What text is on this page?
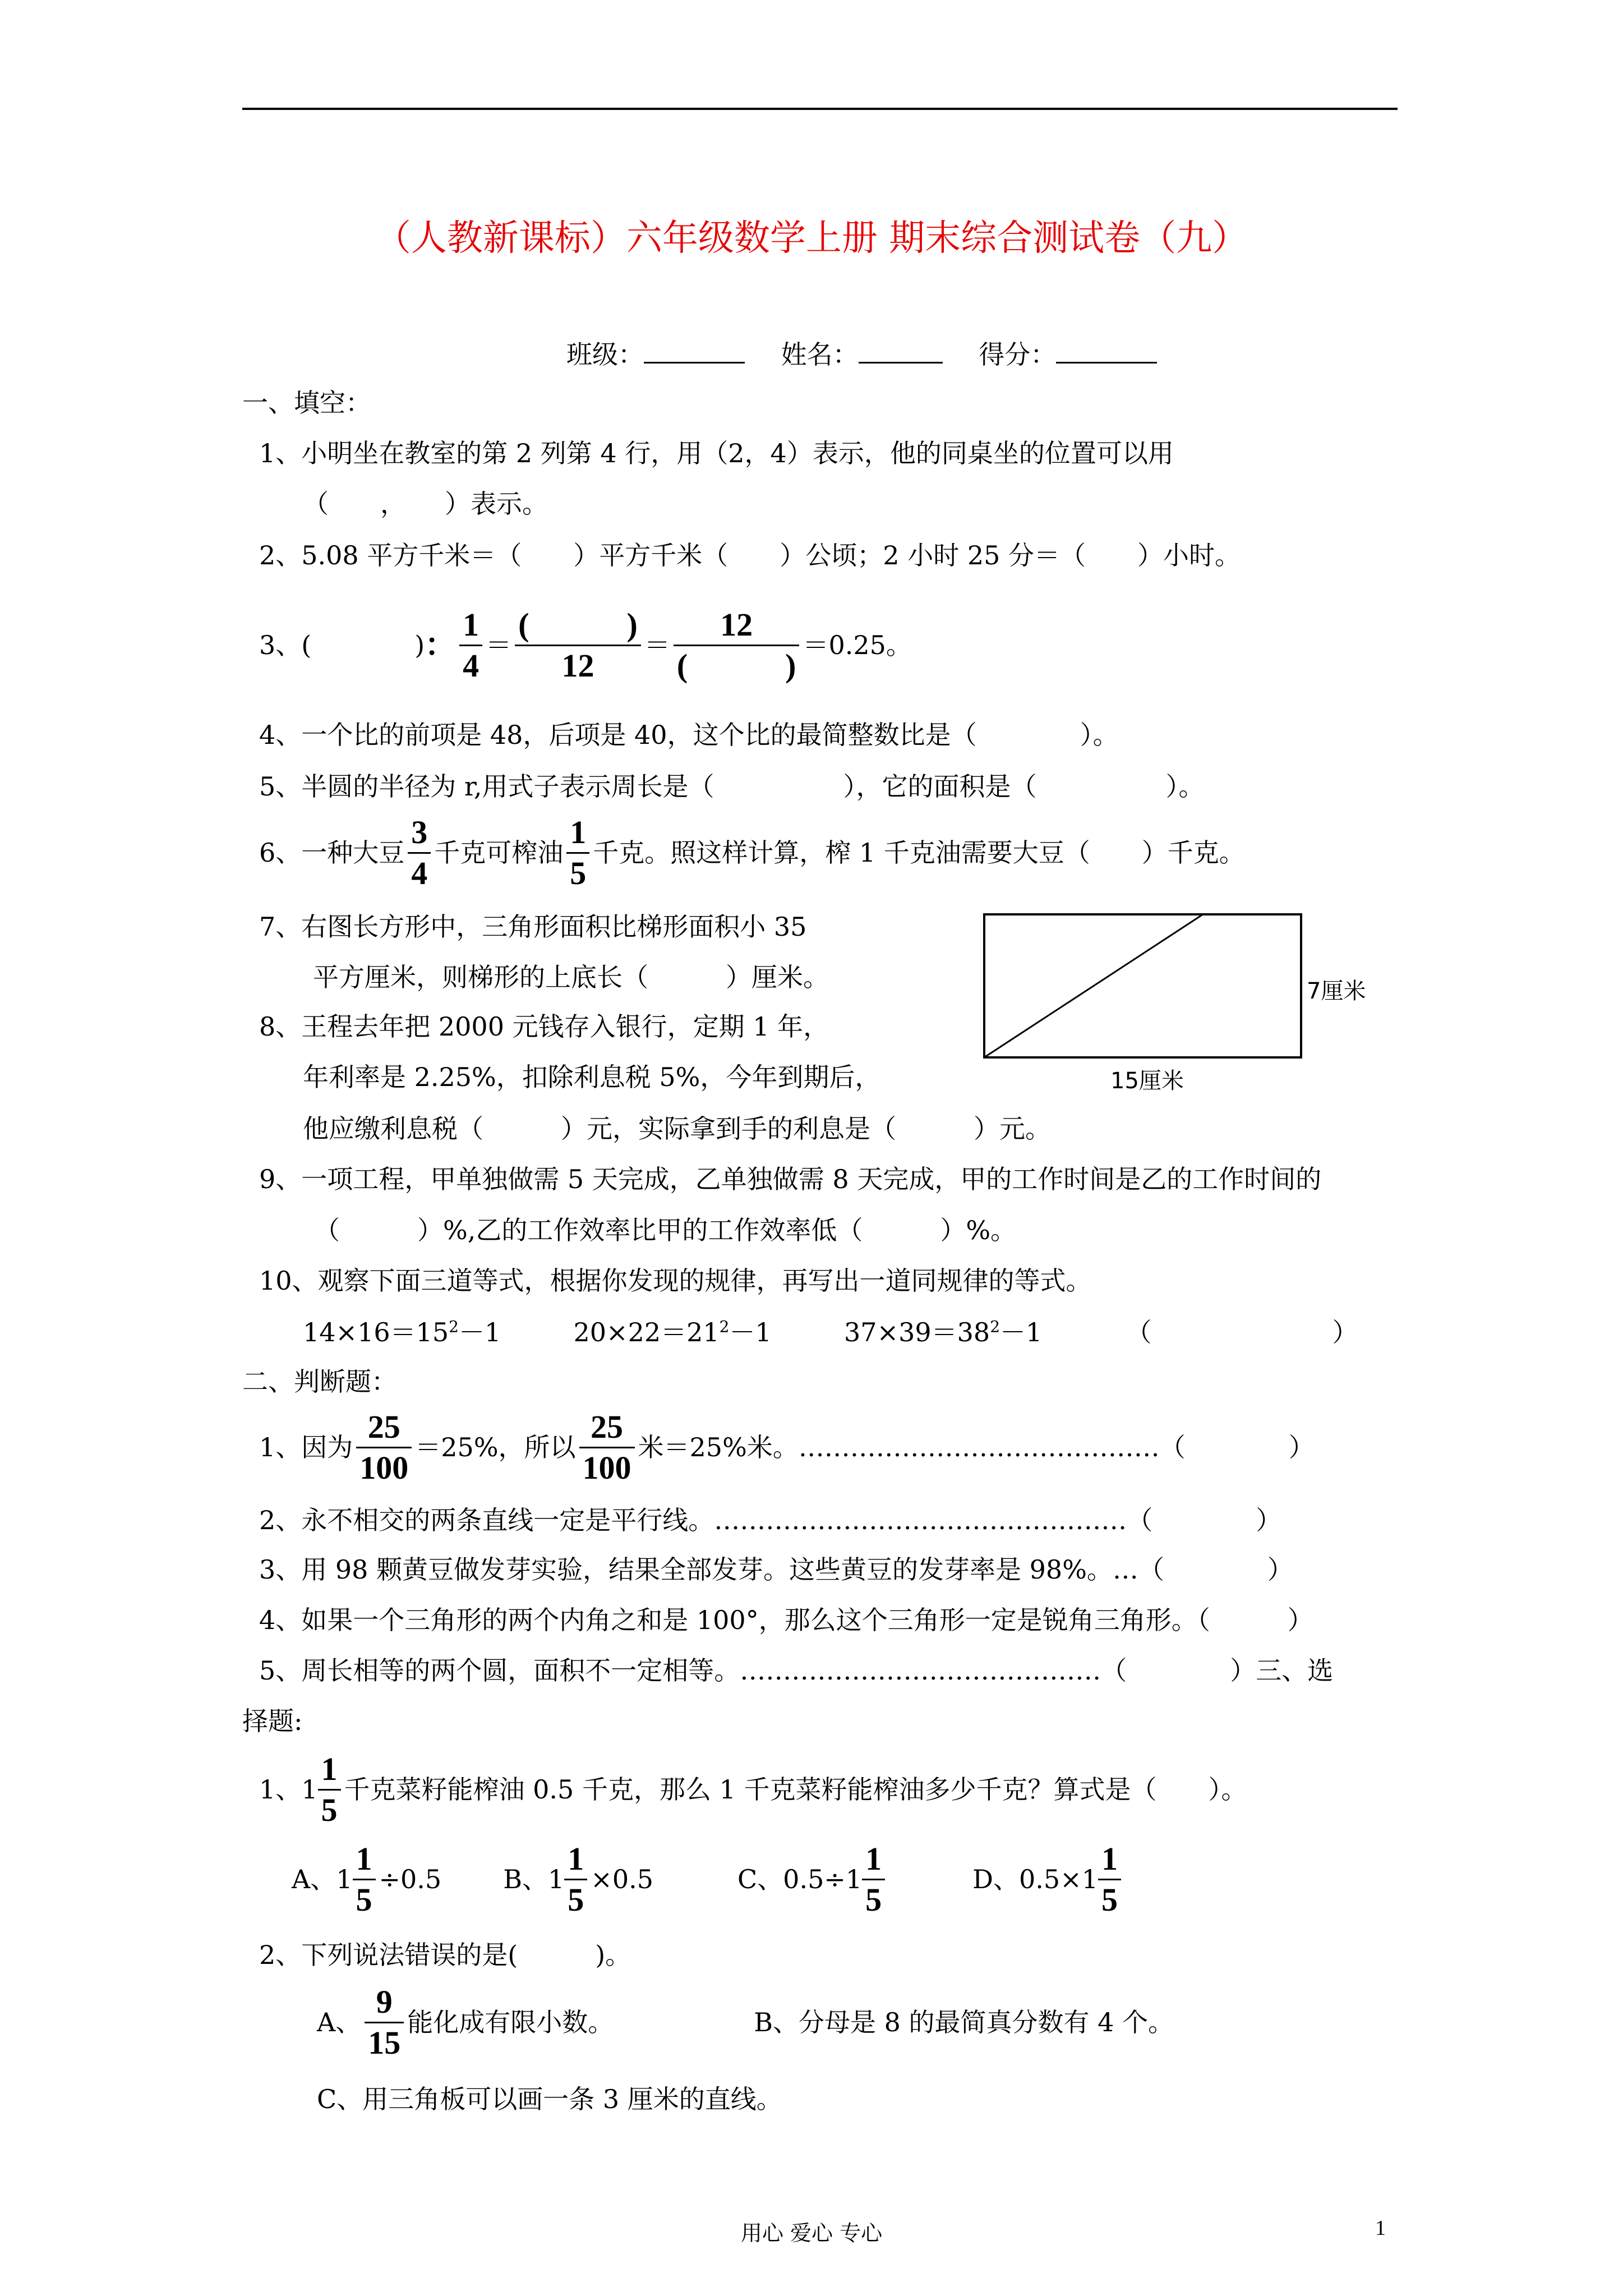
（人教新课标）六年级数学上册 期末综合测试卷（九）
班级：	姓名：	得分：
一、填空：
1、小明坐在教室的第 2 列第 4 行，用（2，4）表示，他的同桌坐的位置可以用
（　　，　　）表示。
2、5.08 平方千米＝（　　）平方千米（　　）公顷；2 小时 25 分＝（　　）小时。
3、(　　　　) ： $\frac{1}{4} = \frac{( )}{12} = \frac{12}{( )} =0.25$。
4、一个比的前项是 48，后项是 40，这个比的最简整数比是（　　　　）。
5、半圆的半径为 r,用式子表示周长是（　　　　　），它的面积是（　　　　　）。
6、一种大豆 $\frac{3}{4}$ 千克可榨油 $\frac{1}{5}$ 千克。照这样计算，榨 1 千克油需要大豆（　　）千克。
7、右图长方形中，三角形面积比梯形面积小 35
平方厘米，则梯形的上底长（　　　）厘米。
8、王程去年把 2000 元钱存入银行，定期 1 年，
年利率是 2.25%，扣除利息税 5%，今年到期后，
他应缴利息税（　　　）元，实际拿到手的利息是（　　　）元。
7厘米
15厘米
9、一项工程，甲单独做需 5 天完成，乙单独做需 8 天完成，甲的工作时间是乙的工作时间的
（　　　）%,乙的工作效率比甲的工作效率低（　　　）%。
10、观察下面三道等式，根据你发现的规律，再写出一道同规律的等式。
$14\times 16=15^2-1$	$20\times 22=21^2-1$	$37\times 39=38^2-1$	（　　　　　　　）
二、判断题：
1、因为 $\frac{25}{100} =25\%$，所以 $\frac{25}{100}$ 米＝25%米。……………………………………（　　　　）
2、永不相交的两条直线一定是平行线。…………………………………………（　　　　）
3、用 98 颗黄豆做发芽实验，结果全部发芽。这些黄豆的发芽率是 98%。…（　　　　）
4、如果一个三角形的两个内角之和是 100°，那么这个三角形一定是锐角三角形。（　　　）
5、周长相等的两个圆，面积不一定相等。……………………………………（　　　　）三、选
择题:
1、$1 \frac{1}{5}$ 千克菜籽能榨油 0.5 千克，那么 1 千克菜籽能榨油多少千克？算式是（　　）。
A、$1 \frac{1}{5} \div 0.5$ B、$1 \frac{1}{5} \times 0.5$	C、$0.5\div 1 \frac{1}{5}$	D、$0.5\times 1 \frac{1}{5}$
2、下列说法错误的是(　　　)。
A、 $\frac{9}{15}$ 能化成有限小数。	B、分母是 8 的最简真分数有 4 个。
C、用三角板可以画一条 3 厘米的直线。
用心 爱心 专心	1
